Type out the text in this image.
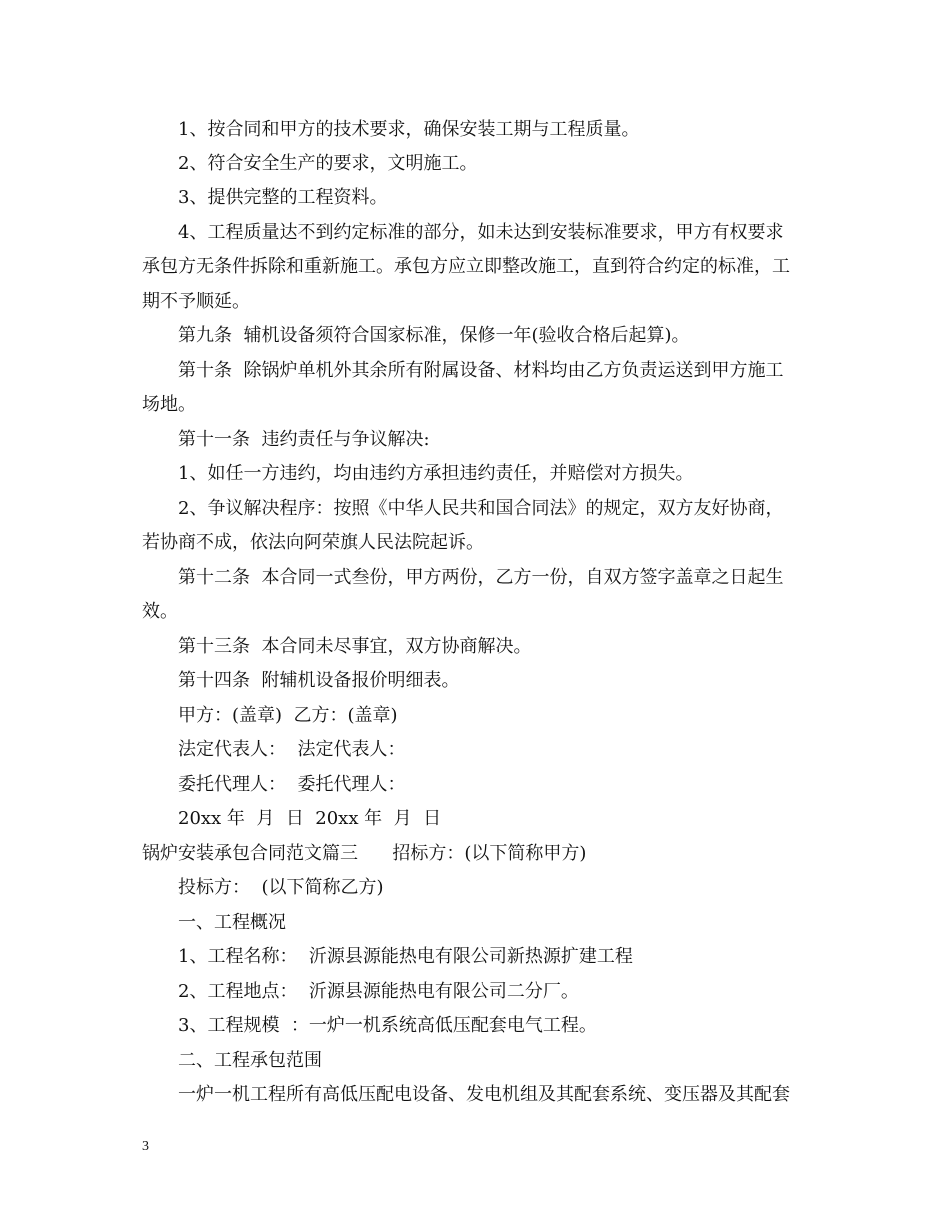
1、按合同和甲方的技术要求，确保安装工期与工程质量。
2、符合安全生产的要求，文明施工。
3、提供完整的工程资料。
4、工程质量达不到约定标准的部分，如未达到安装标准要求，甲方有权要求
承包方无条件拆除和重新施工。承包方应立即整改施工，直到符合约定的标准，工
期不予顺延。
第九条  辅机设备须符合国家标准，保修一年(验收合格后起算)。
第十条  除锅炉单机外其余所有附属设备、材料均由乙方负责运送到甲方施工
场地。
第十一条  违约责任与争议解决:
1、如任一方违约，均由违约方承担违约责任，并赔偿对方损失。
2、争议解决程序：按照《中华人民共和国合同法》的规定，双方友好协商，
若协商不成，依法向阿荣旗人民法院起诉。
第十二条  本合同一式叁份，甲方两份，乙方一份，自双方签字盖章之日起生
效。
第十三条  本合同未尽事宜，双方协商解决。
第十四条  附辅机设备报价明细表。
甲方：(盖章)  乙方：(盖章)
法定代表人：  法定代表人：
委托代理人：  委托代理人：
20xx 年  月  日  20xx 年  月  日
锅炉安装承包合同范文篇三      招标方：(以下简称甲方)
投标方：  (以下简称乙方)
一、工程概况
1、工程名称：  沂源县源能热电有限公司新热源扩建工程
2、工程地点：  沂源县源能热电有限公司二分厂。
3、工程规模  ：一炉一机系统高低压配套电气工程。
二、工程承包范围
一炉一机工程所有高低压配电设备、发电机组及其配套系统、变压器及其配套
3
